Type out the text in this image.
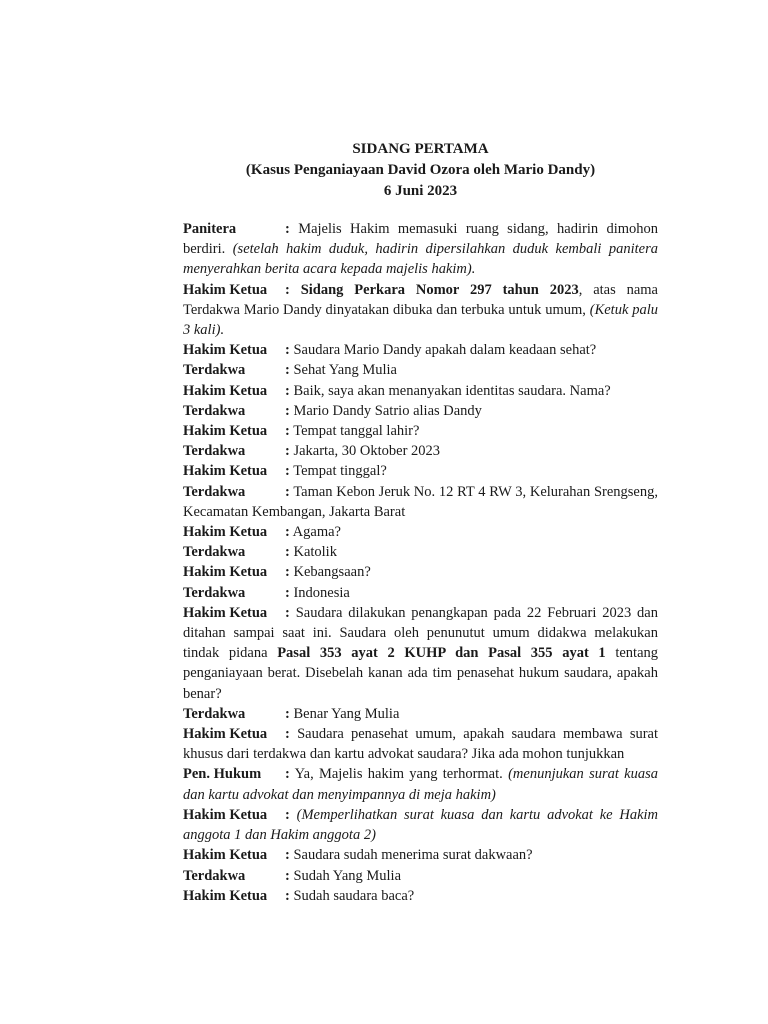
SIDANG PERTAMA
(Kasus Penganiayaan David Ozora oleh Mario Dandy)
6 Juni 2023

Panitera	: Majelis Hakim memasuki ruang sidang, hadirin dimohon berdiri. (setelah hakim duduk, hadirin dipersilahkan duduk kembali panitera menyerahkan berita acara kepada majelis hakim).

Hakim Ketua : Sidang Perkara Nomor 297 tahun 2023, atas nama Terdakwa Mario Dandy dinyatakan dibuka dan terbuka untuk umum, (Ketuk palu 3 kali).

Hakim Ketua : Saudara Mario Dandy apakah dalam keadaan sehat?

Terdakwa	: Sehat Yang Mulia

Hakim Ketua : Baik, saya akan menanyakan identitas saudara. Nama?

Terdakwa	: Mario Dandy Satrio alias Dandy

Hakim Ketua : Tempat tanggal lahir?

Terdakwa	: Jakarta, 30 Oktober 2023

Hakim Ketua : Tempat tinggal?

Terdakwa	: Taman Kebon Jeruk No. 12 RT 4 RW 3, Kelurahan Srengseng, Kecamatan Kembangan, Jakarta Barat

Hakim Ketua : Agama?

Terdakwa	: Katolik

Hakim Ketua : Kebangsaan?

Terdakwa	: Indonesia

Hakim Ketua : Saudara dilakukan penangkapan pada 22 Februari 2023 dan ditahan sampai saat ini. Saudara oleh penunutut umum didakwa melakukan tindak pidana Pasal 353 ayat 2 KUHP dan Pasal 355 ayat 1 tentang penganiayaan berat. Disebelah kanan ada tim penasehat hukum saudara, apakah benar?

Terdakwa	: Benar Yang Mulia

Hakim Ketua : Saudara penasehat umum, apakah saudara membawa surat khusus dari terdakwa dan kartu advokat saudara? Jika ada mohon tunjukkan

Pen. Hukum : Ya, Majelis hakim yang terhormat. (menunjukan surat kuasa dan kartu advokat dan menyimpannya di meja hakim)

Hakim Ketua : (Memperlihatkan surat kuasa dan kartu advokat ke Hakim anggota 1 dan Hakim anggota 2)

Hakim Ketua : Saudara sudah menerima surat dakwaan?

Terdakwa	: Sudah Yang Mulia

Hakim Ketua : Sudah saudara baca?
